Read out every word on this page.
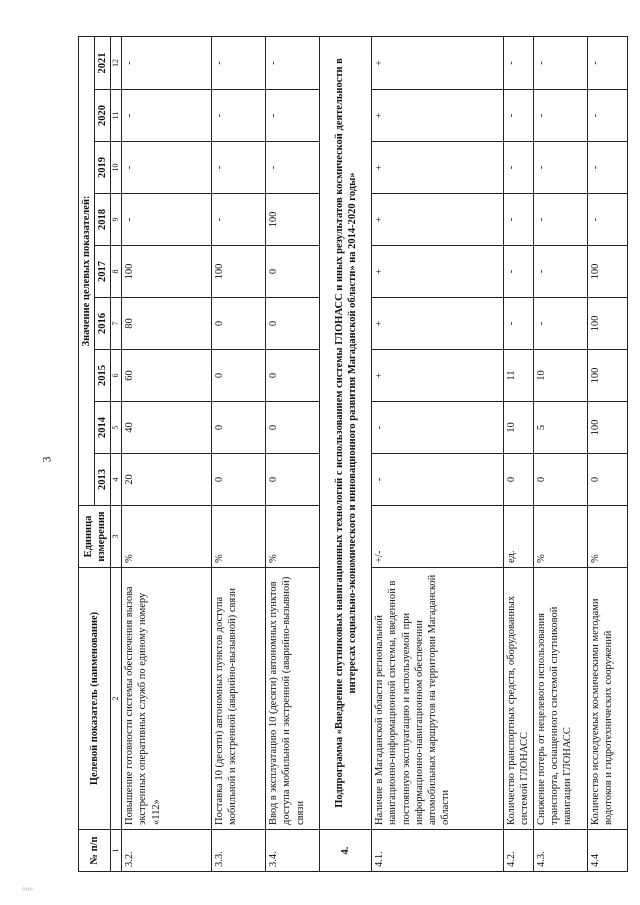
3
°°°
№ п/п	Целевой показатель (наименование)	Единица измерения	Значение целевых показателей:								
			2013	2014	2015	2016	2017	2018	2019	2020	2021
1	2	3	4	5	6	7	8	9	10	11	12
3.2.	Повышение готовности системы обеспечения вызова экстренных оперативных служб по единому номеру «112»	%	20	40	60	80	100	-	-	-	-
3.3.	Поставка 10 (десяти) автономных пунктов доступа мобильной и экстренной (аварийно-вызывной) связи	%	0	0	0	0	100	-	-	-	-
3.4.	Ввод в эксплуатацию 10 (десяти) автономных пунктов доступа мобильной и экстренной (аварийно-вызывной) связи	%	0	0	0	0	0	100	-	-	-
4.	Подпрограмма «Внедрение спутниковых навигационных технологий с использованием системы ГЛОНАСС и иных результатов космической деятельности в интересах социально-экономического и инновационного развития Магаданской области» на 2014-2020 годы»										
4.1.	Наличие в Магаданской области региональной навигационно-информационной системы, введенной в постоянную эксплуатацию и используемой при информационно-навигационном обеспечении автомобильных маршрутов на территории Магаданской области	+/-	-	-	+	+	+	+	+	+	+
4.2.	Количество транспортных средств, оборудованных системой ГЛОНАСС	ед.	0	10	11	-	-	-	-	-	-
4.3.	Снижение потерь от нецелевого использования транспорта, оснащенного системой спутниковой навигации ГЛОНАСС	%	0	5	10	-	-	-	-	-	-
4.4	Количество исследуемых космическими методами водотоков и гидротехнических сооружений	%	0	100	100	100	100	-	-	-	-
